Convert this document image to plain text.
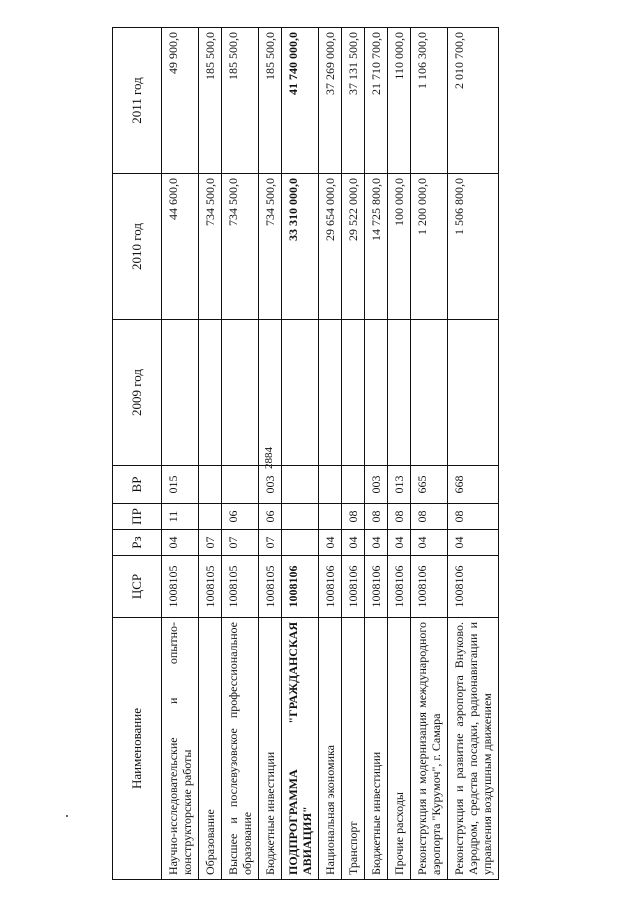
2884
Наименование	ЦСР	Рз	ПР	ВР	2009 год	2010 год	2011 год
Научно-исследовательские и опытно-конструкторские работы	1008105	04	11	015		44 600,0	49 900,0
Образование	1008105	07				734 500,0	185 500,0
Высшее и послевузовское профессиональное образование	1008105	07	06			734 500,0	185 500,0
Бюджетные инвестиции	1008105	07	06	003		734 500,0	185 500,0
ПОДПРОГРАММА "ГРАЖДАНСКАЯ АВИАЦИЯ"	1008106					33 310 000,0	41 740 000,0
Национальная экономика	1008106	04				29 654 000,0	37 269 000,0
Транспорт	1008106	04	08			29 522 000,0	37 131 500,0
Бюджетные инвестиции	1008106	04	08	003		14 725 800,0	21 710 700,0
Прочие расходы	1008106	04	08	013		100 000,0	110 000,0
Реконструкция и модернизация международного аэропорта "Курумоч", г. Самара	1008106	04	08	665		1 200 000,0	1 106 300,0
Реконструкция и развитие аэропорта Внуково. Аэродром, средства посадки, радионавигации и управления воздушным движением	1008106	04	08	668		1 506 800,0	2 010 700,0
